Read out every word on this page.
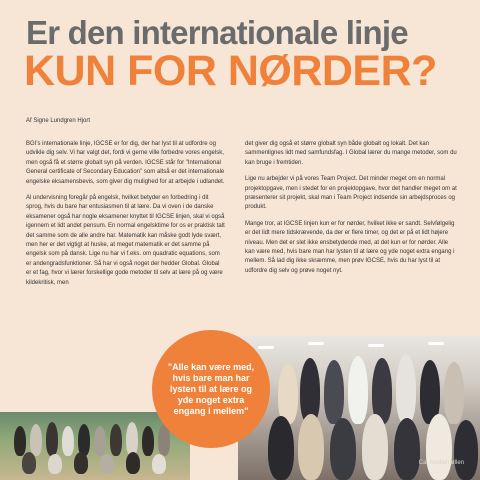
Er den internationale linje
KUN FOR NØRDER?
Af Signe Lundgren Hjort

BGI's internationale linje, IGCSE er for dig, der har lyst til at udfordre og udvikle dig selv. Vi har valgt det, fordi vi gerne ville forbedre vores engelsk, men også få et større globalt syn på verden. IGCSE står for "International General certificate of Secondary Education" som altså er det internationale engelske eksamensbevis, som giver dig mulighed for at arbejde i udlandet.

Al undervisning foregår på engelsk, hvilket betyder en forbedring i dit sprog, hvis du bare har entusiasmen til at lære. Da vi oven i de danske eksamener også har nogle eksamener knyttet til IGCSE linjen, skal vi også igennem et lidt andet pensum. En normal engelsktime for os er praktisk talt det samme som de alle andre har. Matematik kan måske godt lyde svært, men her er det vigtigt at huske, at meget matematik er det samme på engelsk som på dansk. Lige nu har vi f.eks. om quadratic equations, som er andengradsfunktioner. Så har vi også noget der hedder Global. Global er et fag, hvor vi lærer forskellige gode metoder til selv at lære på og være kildekritisk, men

det giver dig også et større globalt syn både globalt og lokalt. Det kan sammenlignes lidt med samfundsfag. I Global lærer du mange metoder, som du kan bruge i fremtiden.

Lige nu arbejder vi på vores Team Project. Det minder meget om en normal projektopgave, men i stedet for en projektopgave, hvor det handler meget om at præsenterer sit projekt, skal man i Team Project indsende sin arbejdsproces og produkt.

Mange tror, at IGCSE linjen kun er for nørder, hvilket ikke er sandt. Selvfølgelig er det lidt mere tidskrævende, da der er flere timer, og det er på et lidt højere niveau. Men det er slet ikke ensbetydende med, at det kun er for nørder. Alle kan være med, hvis bare man har lysten til at lære og yde noget extra engang i mellem. Så lad dig ikke skræmme, men prøv IGCSE, hvis du har lyst til at udfordre dig selv og prøve noget nyt.

Ca. mediemøllen
"Alle kan være med, hvis bare man har lysten til at lære og yde noget extra engang i mellem"
